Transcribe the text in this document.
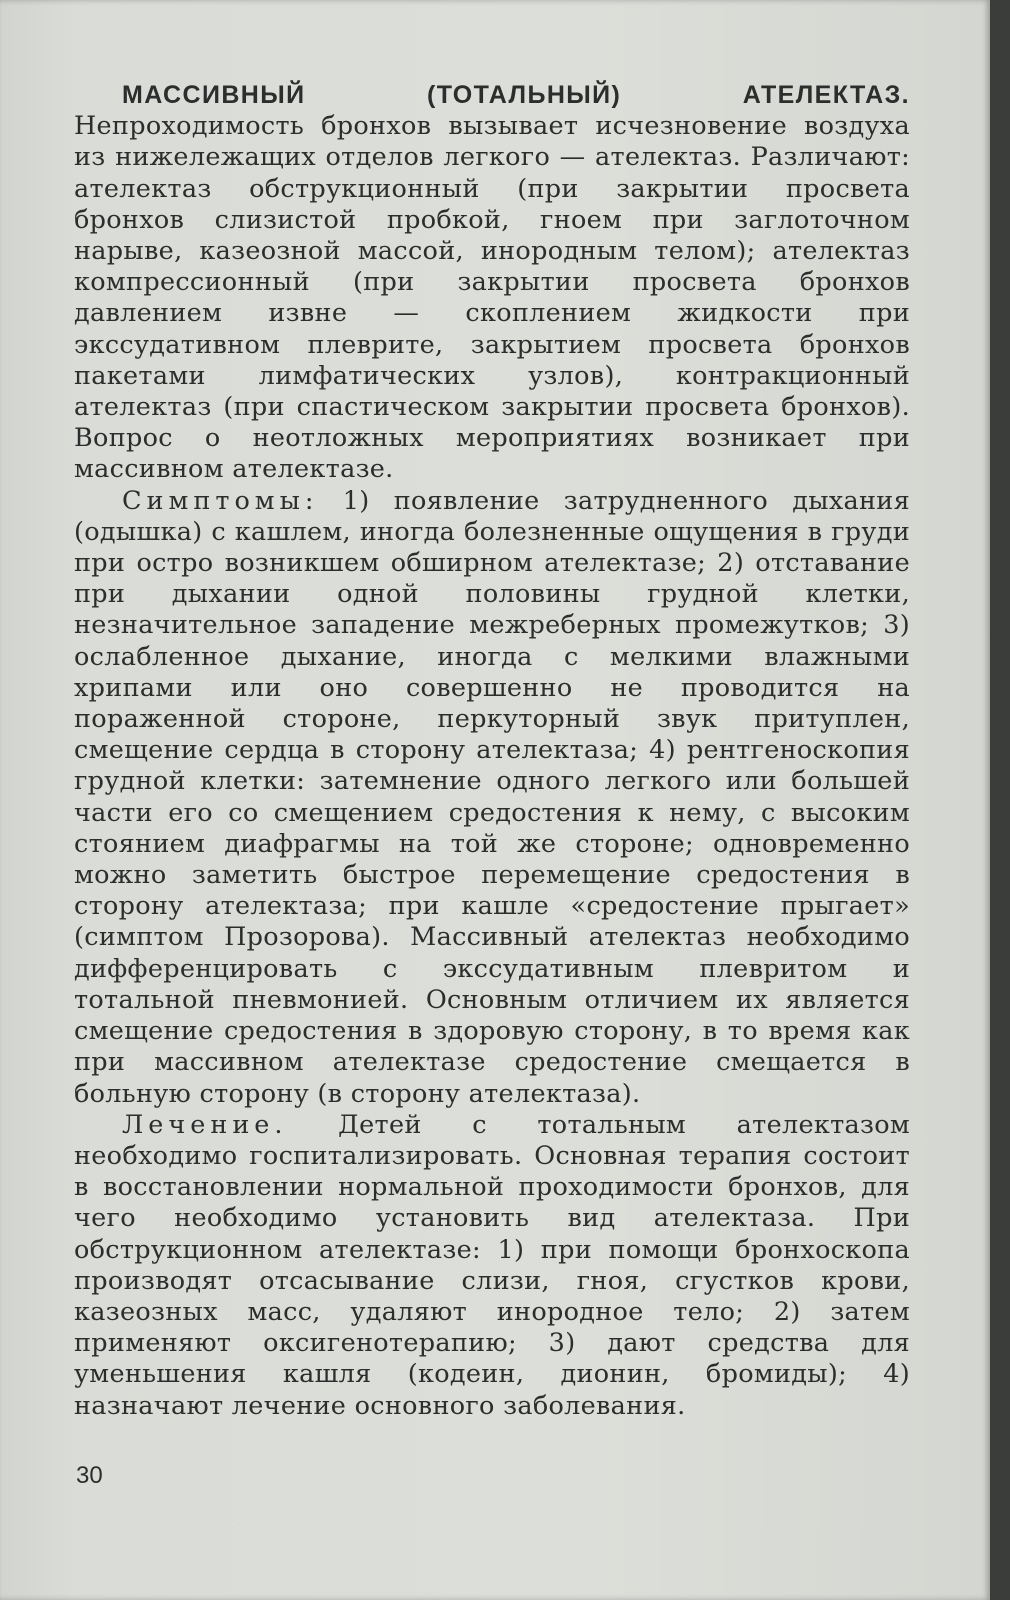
МАССИВНЫЙ (ТОТАЛЬНЫЙ) АТЕЛЕКТАЗ. Непроходимость бронхов вызывает исчезновение воздуха из нижележащих отделов легкого — ателектаз. Различают: ателектаз обструкционный (при закрытии просвета бронхов слизистой пробкой, гноем при заглоточном нарыве, казеозной массой, инородным телом); ателектаз компрессионный (при закрытии просвета бронхов давлением извне — скоплением жидкости при экссудативном плеврите, закрытием просвета бронхов пакетами лимфатических узлов), контракционный ателектаз (при спастическом закрытии просвета бронхов). Вопрос о неотложных мероприятиях возникает при массивном ателектазе.

Симптомы: 1) появление затрудненного дыхания (одышка) с кашлем, иногда болезненные ощущения в груди при остро возникшем обширном ателектазе; 2) отставание при дыхании одной половины грудной клетки, незначительное западение межреберных промежутков; 3) ослабленное дыхание, иногда с мелкими влажными хрипами или оно совершенно не проводится на пораженной стороне, перкуторный звук притуплен, смещение сердца в сторону ателектаза; 4) рентгеноскопия грудной клетки: затемнение одного легкого или большей части его со смещением средостения к нему, с высоким стоянием диафрагмы на той же стороне; одновременно можно заметить быстрое перемещение средостения в сторону ателектаза; при кашле «средостение прыгает» (симптом Прозорова). Массивный ателектаз необходимо дифференцировать с экссудативным плевритом и тотальной пневмонией. Основным отличием их является смещение средостения в здоровую сторону, в то время как при массивном ателектазе средостение смещается в больную сторону (в сторону ателектаза).

Лечение. Детей с тотальным ателектазом необходимо госпитализировать. Основная терапия состоит в восстановлении нормальной проходимости бронхов, для чего необходимо установить вид ателектаза. При обструкционном ателектазе: 1) при помощи бронхоскопа производят отсасывание слизи, гноя, сгустков крови, казеозных масс, удаляют инородное тело; 2) затем применяют оксигенотерапию; 3) дают средства для уменьшения кашля (кодеин, дионин, бромиды); 4) назначают лечение основного заболевания.

30
